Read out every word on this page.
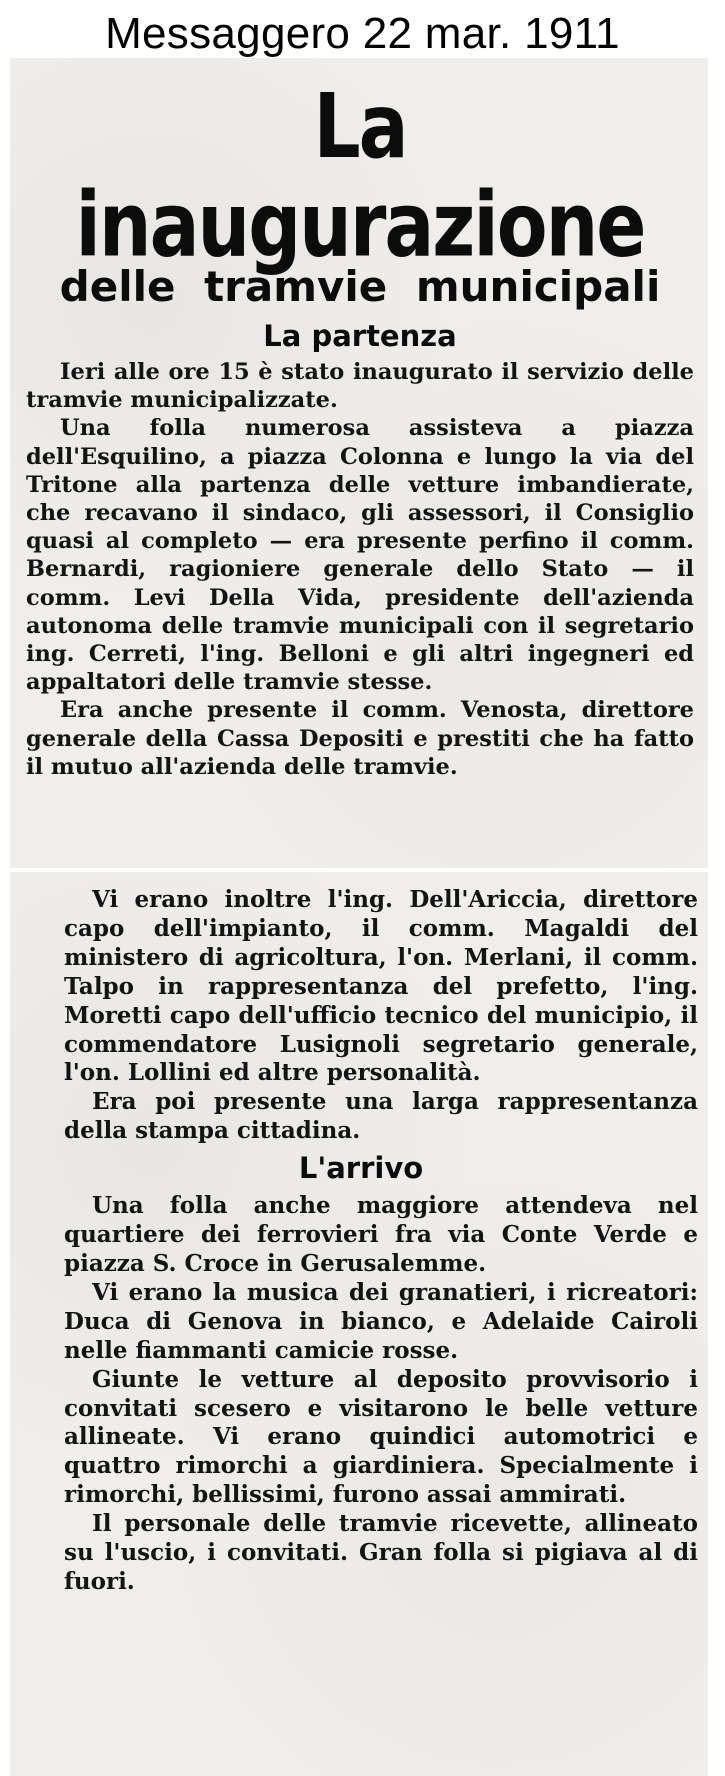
Messaggero 22 mar. 1911
La inaugurazione
delle tramvie municipali
La partenza

Ieri alle ore 15 è stato inaugurato il servizio delle tramvie municipalizzate.

Una folla numerosa assisteva a piazza dell'Esquilino, a piazza Colonna e lungo la via del Tritone alla partenza delle vetture imbandierate, che recavano il sindaco, gli assessori, il Consiglio quasi al completo — era presente perfino il comm. Bernardi, ragioniere generale dello Stato — il comm. Levi Della Vida, presidente dell'azienda autonoma delle tramvie municipali con il segretario ing. Cerreti, l'ing. Belloni e gli altri ingegneri ed appaltatori delle tramvie stesse.

Era anche presente il comm. Venosta, direttore generale della Cassa Depositi e prestiti che ha fatto il mutuo all'azienda delle tramvie.

Vi erano inoltre l'ing. Dell'Ariccia, direttore capo dell'impianto, il comm. Magaldi del ministero di agricoltura, l'on. Merlani, il comm. Talpo in rappresentanza del prefetto, l'ing. Moretti capo dell'ufficio tecnico del municipio, il commendatore Lusignoli segretario generale, l'on. Lollini ed altre personalità.

Era poi presente una larga rappresentanza della stampa cittadina.

L'arrivo

Una folla anche maggiore attendeva nel quartiere dei ferrovieri fra via Conte Verde e piazza S. Croce in Gerusalemme.

Vi erano la musica dei granatieri, i ricreatori: Duca di Genova in bianco, e Adelaide Cairoli nelle fiammanti camicie rosse.

Giunte le vetture al deposito provvisorio i convitati scesero e visitarono le belle vetture allineate. Vi erano quindici automotrici e quattro rimorchi a giardiniera. Specialmente i rimorchi, bellissimi, furono assai ammirati.

Il personale delle tramvie ricevette, allineato su l'uscio, i convitati. Gran folla si pigiava al di fuori.
